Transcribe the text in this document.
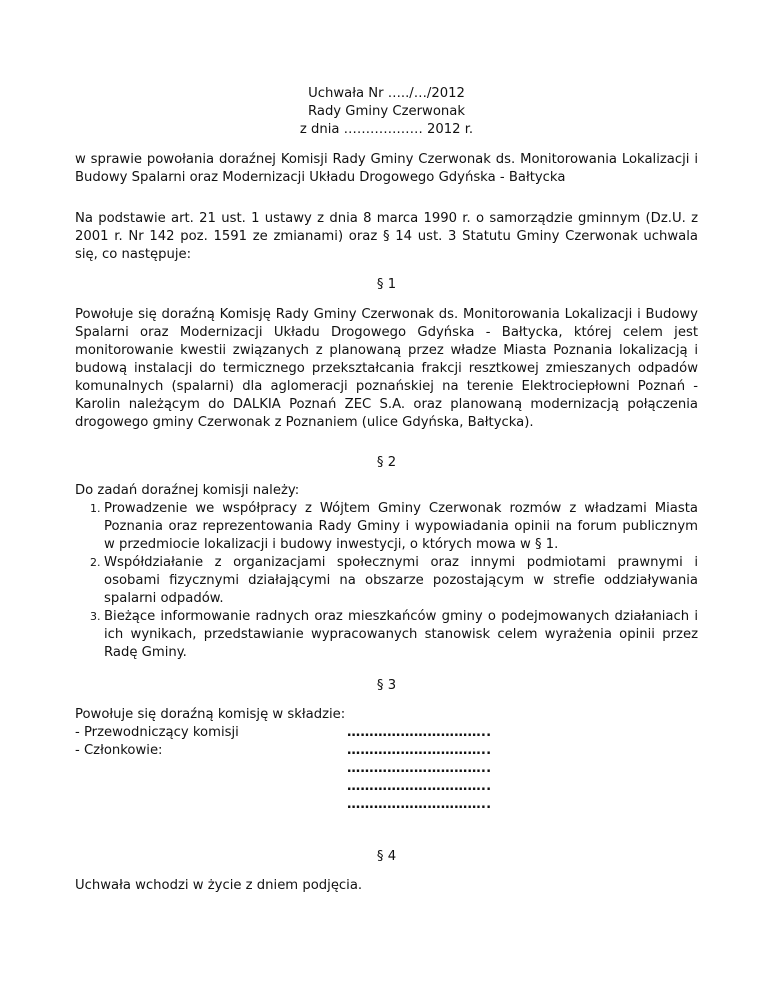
Uchwała Nr …../…/2012
Rady Gminy Czerwonak
z dnia ……………… 2012 r.

w sprawie powołania doraźnej Komisji Rady Gminy Czerwonak ds. Monitorowania Lokalizacji i Budowy Spalarni oraz Modernizacji Układu Drogowego Gdyńska - Bałtycka

Na podstawie art. 21 ust. 1 ustawy z dnia 8 marca 1990 r. o samorządzie gminnym (Dz.U. z 2001 r. Nr 142 poz. 1591 ze zmianami) oraz § 14 ust. 3 Statutu Gminy Czerwonak uchwala się, co następuje:

§ 1

Powołuje się doraźną Komisję Rady Gminy Czerwonak ds. Monitorowania Lokalizacji i Budowy Spalarni oraz Modernizacji Układu Drogowego Gdyńska - Bałtycka, której celem jest monitorowanie kwestii związanych z planowaną przez władze Miasta Poznania lokalizacją i budową instalacji do termicznego przekształcania frakcji resztkowej zmieszanych odpadów komunalnych (spalarni) dla aglomeracji poznańskiej na terenie Elektrociepłowni Poznań - Karolin należącym do DALKIA Poznań ZEC S.A. oraz planowaną modernizacją połączenia drogowego gminy Czerwonak z Poznaniem (ulice Gdyńska, Bałtycka).

§ 2
Do zadań doraźnej komisji należy:
1. Prowadzenie we współpracy z Wójtem Gminy Czerwonak rozmów z władzami Miasta Poznania oraz reprezentowania Rady Gminy i wypowiadania opinii na forum publicznym w przedmiocie lokalizacji i budowy inwestycji, o których mowa w § 1.
2. Współdziałanie z organizacjami społecznymi oraz innymi podmiotami prawnymi i osobami fizycznymi działającymi na obszarze pozostającym w strefie oddziaływania spalarni odpadów.
3. Bieżące informowanie radnych oraz mieszkańców gminy o podejmowanych działaniach i ich wynikach, przedstawianie wypracowanych stanowisk celem wyrażenia opinii przez Radę Gminy.
§ 3
Powołuje się doraźną komisję w składzie:
- Przewodniczący komisji	…………………………..
- Członkowie:	…………………………..
…………………………..
…………………………..
…………………………..
§ 4
Uchwała wchodzi w życie z dniem podjęcia.
